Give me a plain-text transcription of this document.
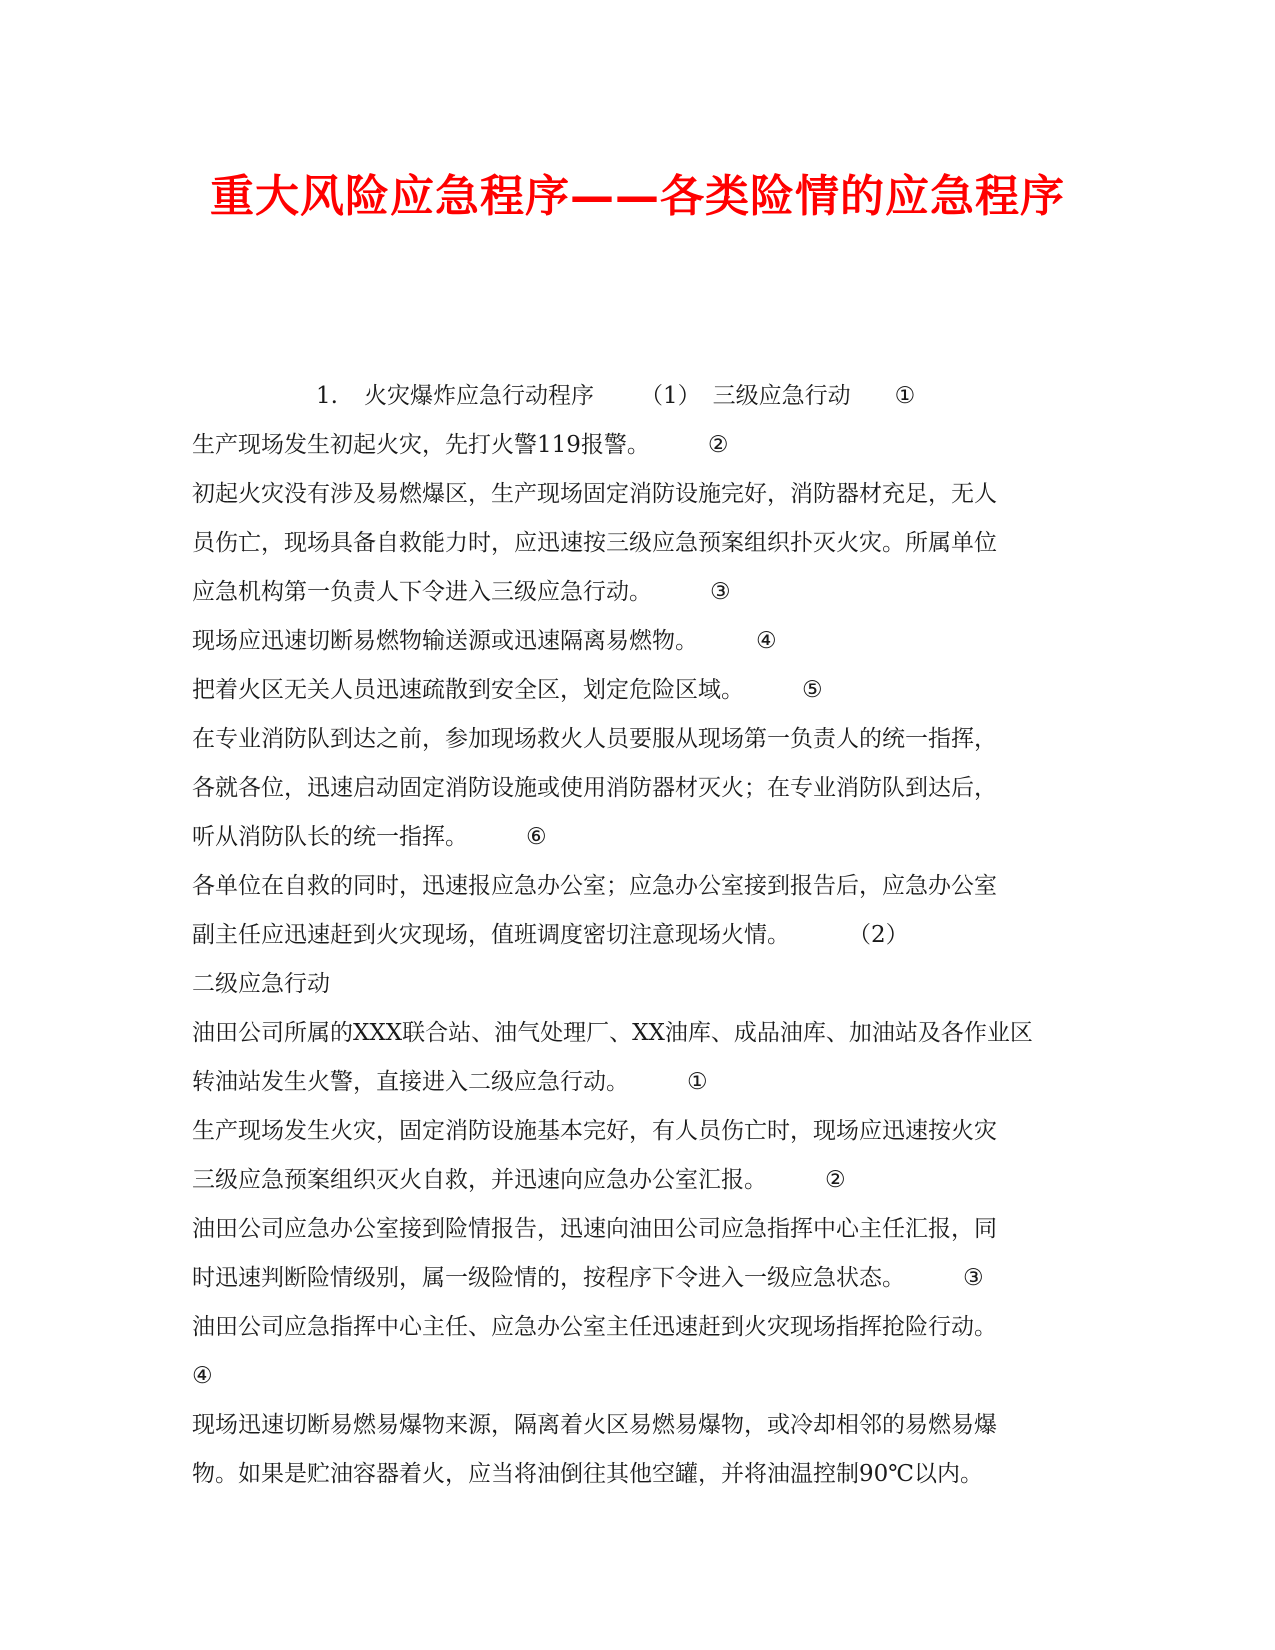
重大风险应急程序——各类险情的应急程序
1. 火灾爆炸应急行动程序 （1） 三级应急行动 ①
生产现场发生初起火灾，先打火警119报警。	②
初起火灾没有涉及易燃爆区，生产现场固定消防设施完好，消防器材充足，无人
员伤亡，现场具备自救能力时，应迅速按三级应急预案组织扑灭火灾。所属单位
应急机构第一负责人下令进入三级应急行动。	③
现场应迅速切断易燃物输送源或迅速隔离易燃物。	④
把着火区无关人员迅速疏散到安全区，划定危险区域。	⑤
在专业消防队到达之前，参加现场救火人员要服从现场第一负责人的统一指挥，
各就各位，迅速启动固定消防设施或使用消防器材灭火；在专业消防队到达后，
听从消防队长的统一指挥。	⑥
各单位在自救的同时，迅速报应急办公室；应急办公室接到报告后，应急办公室
副主任应迅速赶到火灾现场，值班调度密切注意现场火情。	（2）
二级应急行动
油田公司所属的XXX联合站、油气处理厂、XX油库、成品油库、加油站及各作业区
转油站发生火警，直接进入二级应急行动。	①
生产现场发生火灾，固定消防设施基本完好，有人员伤亡时，现场应迅速按火灾
三级应急预案组织灭火自救，并迅速向应急办公室汇报。	②
油田公司应急办公室接到险情报告，迅速向油田公司应急指挥中心主任汇报，同
时迅速判断险情级别，属一级险情的，按程序下令进入一级应急状态。	③
油田公司应急指挥中心主任、应急办公室主任迅速赶到火灾现场指挥抢险行动。
④
现场迅速切断易燃易爆物来源，隔离着火区易燃易爆物，或冷却相邻的易燃易爆
物。如果是贮油容器着火，应当将油倒往其他空罐，并将油温控制90℃以内。
